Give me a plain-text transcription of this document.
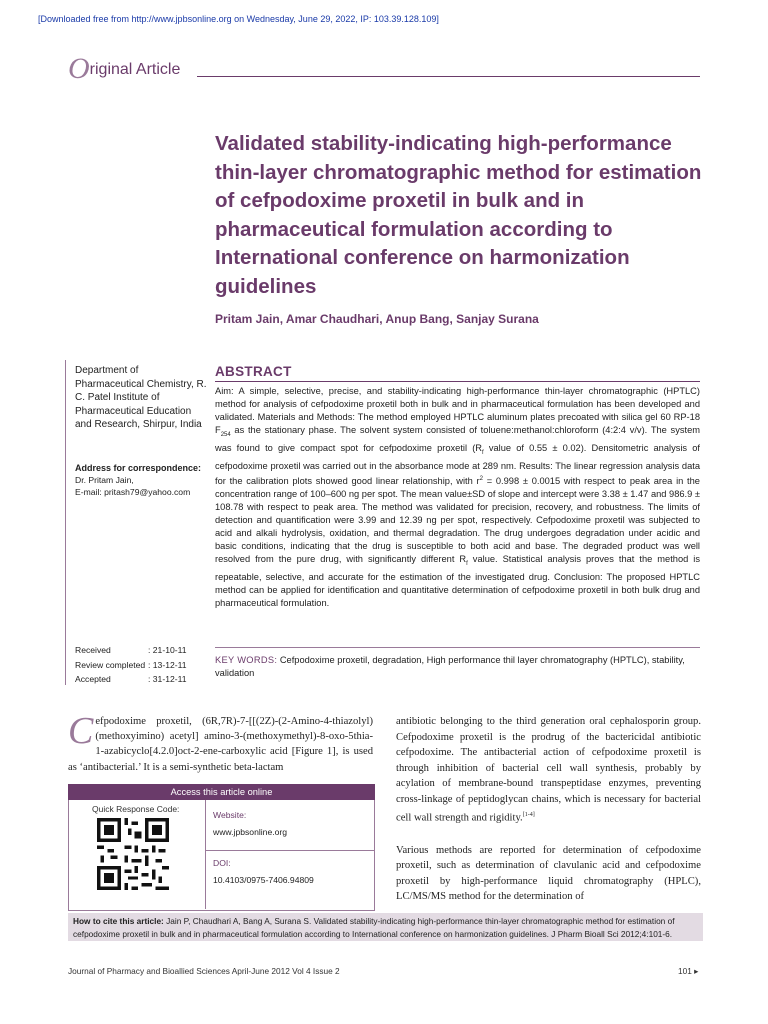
[Downloaded free from http://www.jpbsonline.org on Wednesday, June 29, 2022, IP: 103.39.128.109]
Original Article
Validated stability-indicating high-performance thin-layer chromatographic method for estimation of cefpodoxime proxetil in bulk and in pharmaceutical formulation according to International conference on harmonization guidelines
Pritam Jain, Amar Chaudhari, Anup Bang, Sanjay Surana
Department of Pharmaceutical Chemistry, R. C. Patel Institute of Pharmaceutical Education and Research, Shirpur, India
Address for correspondence:
Dr. Pritam Jain,
E-mail: pritash79@yahoo.com
ABSTRACT
Aim: A simple, selective, precise, and stability-indicating high-performance thin-layer chromatographic (HPTLC) method for analysis of cefpodoxime proxetil both in bulk and in pharmaceutical formulation has been developed and validated. Materials and Methods: The method employed HPTLC aluminum plates precoated with silica gel 60 RP-18 $F_{254}$ as the stationary phase. The solvent system consisted of toluene:methanol:chloroform (4:2:4 v/v). The system was found to give compact spot for cefpodoxime proxetil ($R_f$ value of 0.55 ± 0.02). Densitometric analysis of cefpodoxime proxetil was carried out in the absorbance mode at 289 nm. Results: The linear regression analysis data for the calibration plots showed good linear relationship, with $r^2 = 0.998 \pm 0.0015$ with respect to peak area in the concentration range of 100–600 ng per spot. The mean value±SD of slope and intercept were 3.38 ± 1.47 and 986.9 ± 108.78 with respect to peak area. The method was validated for precision, recovery, and robustness. The limits of detection and quantification were 3.99 and 12.39 ng per spot, respectively. Cefpodoxime proxetil was subjected to acid and alkali hydrolysis, oxidation, and thermal degradation. The drug undergoes degradation under acidic and basic conditions, indicating that the drug is susceptible to both acid and base. The degraded product was well resolved from the pure drug, with significantly different $R_f$ value. Statistical analysis proves that the method is repeatable, selective, and accurate for the estimation of the investigated drug. Conclusion: The proposed HPTLC method can be applied for identification and quantitative determination of cefpodoxime proxetil in both bulk drug and pharmaceutical formulation.
Received	: 21-10-11
Review completed : 13-12-11
Accepted	: 31-12-11
KEY WORDS: Cefpodoxime proxetil, degradation, High performance thil layer chromatography (HPTLC), stability, validation
Cefpodoxime proxetil, (6R,7R)-7-[[(2Z)-(2-Amino-4-thiazolyl) (methoxyimino) acetyl] amino-3-(methoxymethyl)-8-oxo-5thia-1-azabicyclo[4.2.0]oct-2-ene-carboxylic acid [Figure 1], is used as ‘antibacterial.’ It is a semi-synthetic beta-lactam

antibiotic belonging to the third generation oral cephalosporin group. Cefpodoxime proxetil is the prodrug of the bactericidal antibiotic cefpodoxime. The antibacterial action of cefpodoxime proxetil is through inhibition of bacterial cell wall synthesis, probably by acylation of membrane-bound transpeptidase enzymes, preventing cross-linkage of peptidoglycan chains, which is necessary for bacterial cell wall strength and rigidity.[1-4]

Various methods are reported for determination of cefpodoxime proxetil, such as determination of clavulanic acid and cefpodoxime proxetil by high-performance liquid chromatography (HPLC), LC/MS/MS method for the determination of

Access this article online
Quick Response Code:
Website:
www.jpbsonline.org
DOI:
10.4103/0975-7406.94809
How to cite this article: Jain P, Chaudhari A, Bang A, Surana S. Validated stability-indicating high-performance thin-layer chromatographic method for estimation of cefpodoxime proxetil in bulk and in pharmaceutical formulation according to International conference on harmonization guidelines. J Pharm Bioall Sci 2012;4:101-6.
Journal of Pharmacy and Bioallied Sciences April-June 2012 Vol 4 Issue 2	101 ▸
